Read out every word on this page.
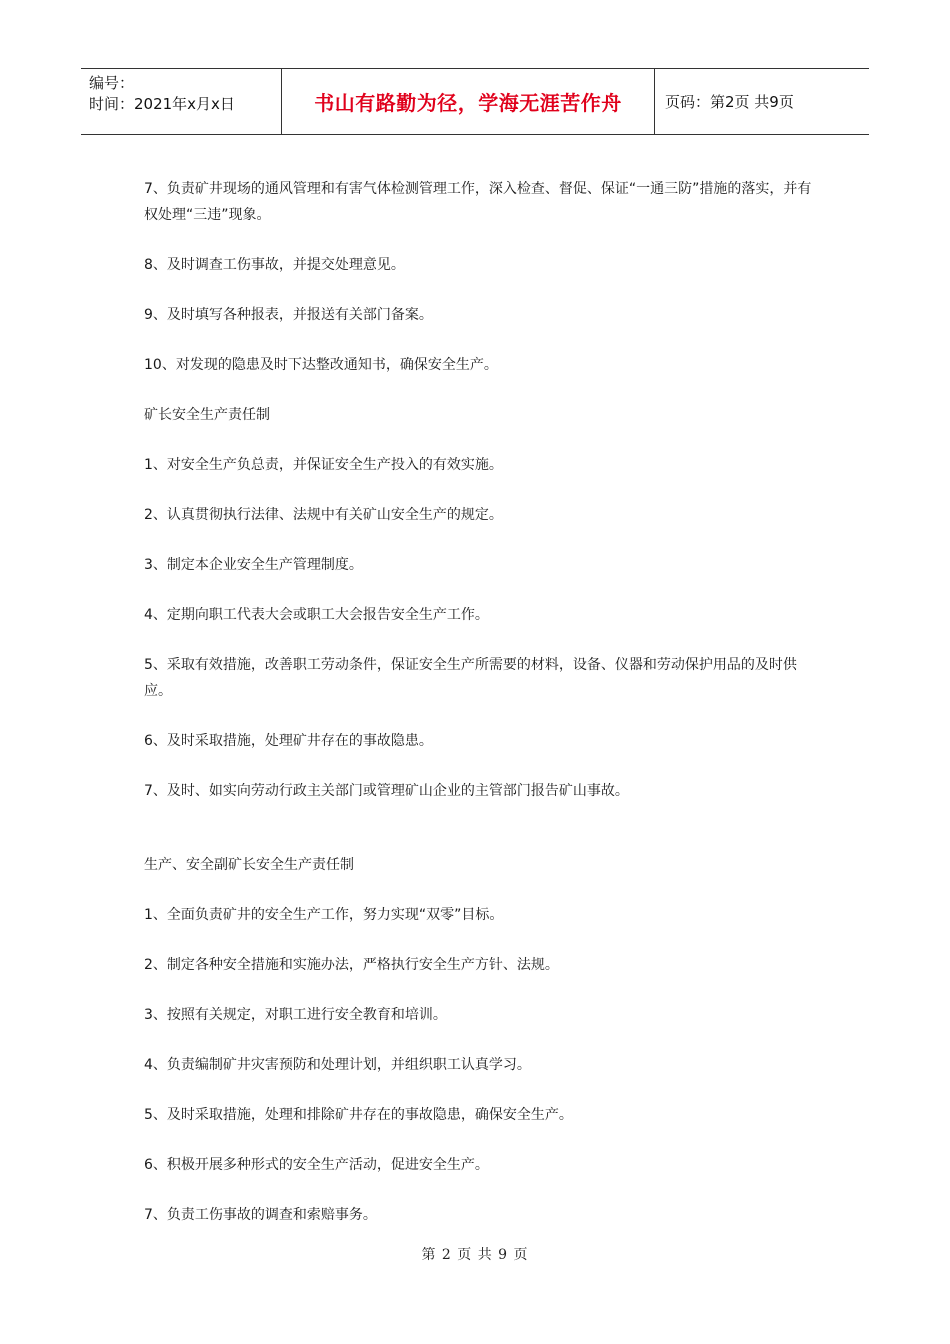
编号：
时间：2021年x月x日	书山有路勤为径，学海无涯苦作舟	页码：第2页 共9页

7、负责矿井现场的通风管理和有害气体检测管理工作，深入检查、督促、保证“一通三防”措施的落实，并有权处理“三违”现象。

8、及时调查工伤事故，并提交处理意见。

9、及时填写各种报表，并报送有关部门备案。

10、对发现的隐患及时下达整改通知书，确保安全生产。

矿长安全生产责任制

1、对安全生产负总责，并保证安全生产投入的有效实施。

2、认真贯彻执行法律、法规中有关矿山安全生产的规定。

3、制定本企业安全生产管理制度。

4、定期向职工代表大会或职工大会报告安全生产工作。

5、采取有效措施，改善职工劳动条件，保证安全生产所需要的材料，设备、仪器和劳动保护用品的及时供应。

6、及时采取措施，处理矿井存在的事故隐患。

7、及时、如实向劳动行政主关部门或管理矿山企业的主管部门报告矿山事故。

生产、安全副矿长安全生产责任制

1、全面负责矿井的安全生产工作，努力实现“双零”目标。

2、制定各种安全措施和实施办法，严格执行安全生产方针、法规。

3、按照有关规定，对职工进行安全教育和培训。

4、负责编制矿井灾害预防和处理计划，并组织职工认真学习。

5、及时采取措施，处理和排除矿井存在的事故隐患，确保安全生产。

6、积极开展多种形式的安全生产活动，促进安全生产。

7、负责工伤事故的调查和索赔事务。

第 2 页 共 9 页
